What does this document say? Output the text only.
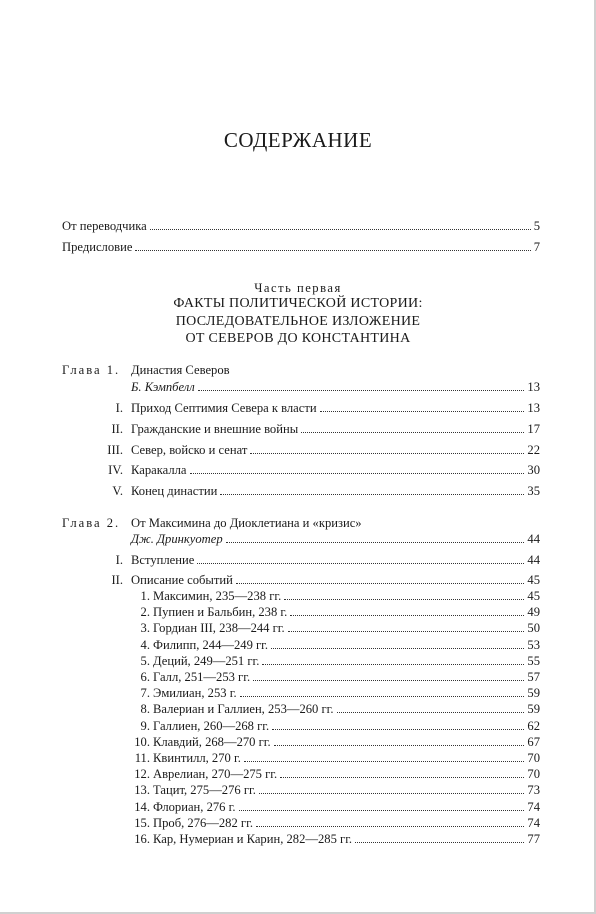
СОДЕРЖАНИЕ
От переводчика	5
Предисловие	7
Часть первая
ФАКТЫ ПОЛИТИЧЕСКОЙ ИСТОРИИ:
ПОСЛЕДОВАТЕЛЬНОЕ ИЗЛОЖЕНИЕ
ОТ СЕВЕРОВ ДО КОНСТАНТИНА
Глава 1. Династия Северов
Б. Кэмпбелл	13
I. Приход Септимия Севера к власти	13
II. Гражданские и внешние войны	17
III. Север, войско и сенат	22
IV. Каракалла	30
V. Конец династии	35
Глава 2. От Максимина до Диоклетиана и «кризис»
Дж. Дринкуотер	44
I. Вступление	44
II. Описание событий	45
1. Максимин, 235—238 гг.	45
2. Пупиен и Бальбин, 238 г.	49
3. Гордиан III, 238—244 гг.	50
4. Филипп, 244—249 гг.	53
5. Деций, 249—251 гг.	55
6. Галл, 251—253 гг.	57
7. Эмилиан, 253 г.	59
8. Валериан и Галлиен, 253—260 гг.	59
9. Галлиен, 260—268 гг.	62
10. Клавдий, 268—270 гг.	67
11. Квинтилл, 270 г.	70
12. Аврелиан, 270—275 гг.	70
13. Тацит, 275—276 гг.	73
14. Флориан, 276 г.	74
15. Проб, 276—282 гг.	74
16. Кар, Нумериан и Карин, 282—285 гг.	77
